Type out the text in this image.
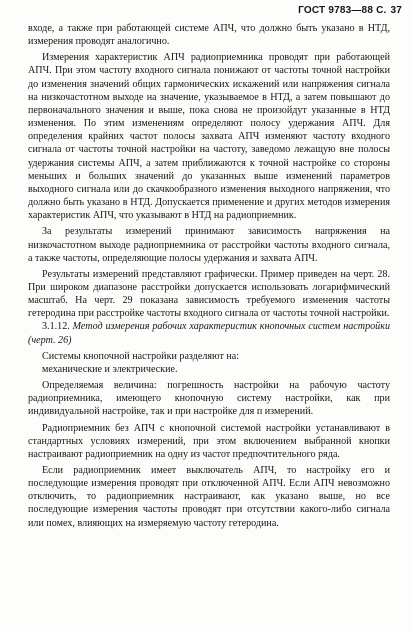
ГОСТ 9783—88 С. 37

входе, а также при работающей системе АПЧ, что должно быть указано в НТД, измерения проводят аналогично.

Измерения характеристик АПЧ радиоприемника проводят при работающей АПЧ. При этом частоту входного сигнала понижают от частоты точной настройки до изменения значений общих гармонических искажений или напряжения сигнала на низкочастотном выходе на значение, указываемое в НТД, а затем повышают до первоначального значения и выше, пока снова не произойдут указанные в НТД изменения. По этим изменениям определяют полосу удержания АПЧ. Для определения крайних частот полосы захвата АПЧ изменяют частоту входного сигнала от частоты точной настройки на частоту, заведомо лежащую вне полосы удержания системы АПЧ, а затем приближаются к точной настройке со стороны меньших и больших значений до указанных выше изменений параметров выходного сигнала или до скачкообразного изменения выходного напряжения, что должно быть указано в НТД. Допускается применение и других методов измерения характеристик АПЧ, что указывают в НТД на радиоприемник.

За результаты измерений принимают зависимость напряжения на низкочастотном выходе радиоприемника от расстройки частоты входного сигнала, а также частоты, определяющие полосы удержания и захвата АПЧ.

Результаты измерений представляют графически. Пример приведен на черт. 28. При широком диапазоне расстройки допускается использовать логарифмический масштаб. На черт. 29 показана зависимость требуемого изменения частоты гетеродина при расстройке частоты входного сигнала от частоты точной настройки.

3.1.12. Метод измерения рабочих характеристик кнопочных систем настройки (черт. 26)

Системы кнопочной настройки разделяют на:

механические и электрические.

Определяемая величина: погрешность настройки на рабочую частоту радиоприемника, имеющего кнопочную систему настройки, как при индивидуальной настройке, так и при настройке для п измерений.

Радиоприемник без АПЧ с кнопочной системой настройки устанавливают в стандартных условиях измерений, при этом включением выбранной кнопки настраивают радиоприемник на одну из частот предпочтительного ряда.

Если радиоприемник имеет выключатель АПЧ, то настройку его и последующие измерения проводят при отключенной АПЧ. Если АПЧ невозможно отключить, то радиоприемник настраивают, как указано выше, но все последующие измерения частоты проводят при отсутствии какого-либо сигнала или помех, влияющих на измеряемую частоту гетеродина.
